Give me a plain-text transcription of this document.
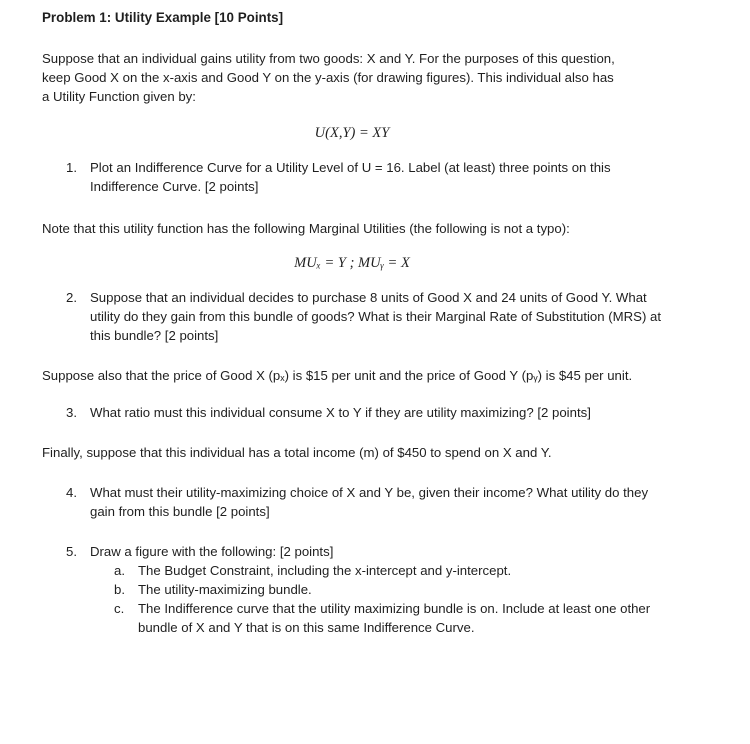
Problem 1: Utility Example [10 Points]

Suppose that an individual gains utility from two goods: X and Y. For the purposes of this question, keep Good X on the x-axis and Good Y on the y-axis (for drawing figures). This individual also has a Utility Function given by:

U(X,Y) = XY

1. Plot an Indifference Curve for a Utility Level of U = 16. Label (at least) three points on this Indifference Curve. [2 points]

Note that this utility function has the following Marginal Utilities (the following is not a typo):

MUₓ = Y ; MUᵧ = X

2. Suppose that an individual decides to purchase 8 units of Good X and 24 units of Good Y. What utility do they gain from this bundle of goods? What is their Marginal Rate of Substitution (MRS) at this bundle? [2 points]

Suppose also that the price of Good X (pₓ) is $15 per unit and the price of Good Y (pᵧ) is $45 per unit.

3. What ratio must this individual consume X to Y if they are utility maximizing? [2 points]

Finally, suppose that this individual has a total income (m) of $450 to spend on X and Y.

4. What must their utility-maximizing choice of X and Y be, given their income? What utility do they gain from this bundle [2 points]

5. Draw a figure with the following: [2 points]

a. The Budget Constraint, including the x-intercept and y-intercept.

b. The utility-maximizing bundle.

c. The Indifference curve that the utility maximizing bundle is on. Include at least one other bundle of X and Y that is on this same Indifference Curve.
